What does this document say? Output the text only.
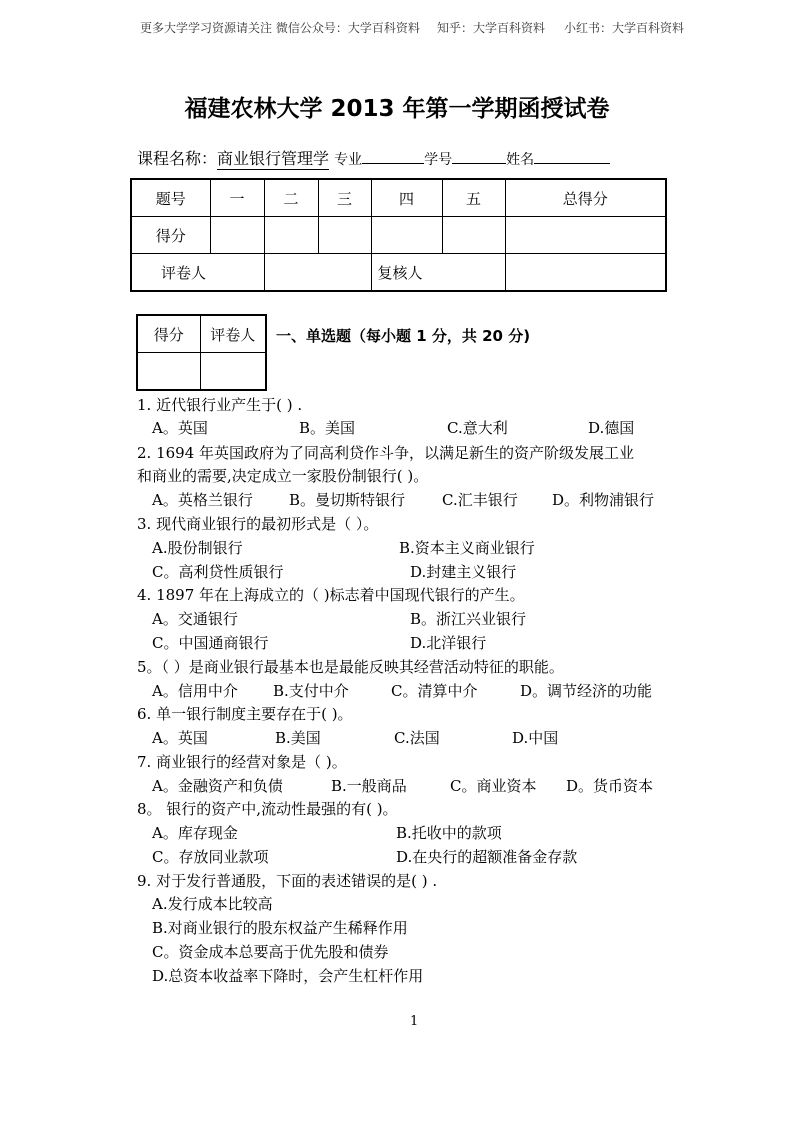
更多大学学习资源请关注 微信公众号：大学百科资料 知乎：大学百科资料 小红书：大学百科资料
福建农林大学 2013 年第一学期函授试卷
课程名称：商业银行管理学 专业	学号	姓名
题号	一	二	三	四	五	总得分
得分						
评卷人				复核人		
得分	评卷人
	一、单选题（每小题 1 分，共 20 分)
1. 近代银行业产生于( ) .
A。英国	B。美国	C.意大利	D.德国
2. 1694 年英国政府为了同高利贷作斗争，以满足新生的资产阶级发展工业
和商业的需要,决定成立一家股份制银行( )。
A。英格兰银行 B。曼切斯特银行 C.汇丰银行 D。利物浦银行
3. 现代商业银行的最初形式是（ ）。
A.股份制银行	B.资本主义商业银行
C。高利贷性质银行	D.封建主义银行
4. 1897 年在上海成立的（ )标志着中国现代银行的产生。
A。交通银行	B。浙江兴业银行
C。中国通商银行	D.北洋银行
5。（ ）是商业银行最基本也是最能反映其经营活动特征的职能。
A。信用中介 B.支付中介	C。清算中介	D。调节经济的功能
6. 单一银行制度主要存在于( )。
A。英国	B.美国	C.法国	D.中国
7. 商业银行的经营对象是（ )。
A。金融资产和负债	B.一般商品	C。商业资本 D。货币资本
8。 银行的资产中,流动性最强的有( )。
A。库存现金	B.托收中的款项
C。存放同业款项	D.在央行的超额准备金存款
9. 对于发行普通股，下面的表述错误的是( ) .
A.发行成本比较高
B.对商业银行的股东权益产生稀释作用
C。资金成本总要高于优先股和债券
D.总资本收益率下降时，会产生杠杆作用
1
